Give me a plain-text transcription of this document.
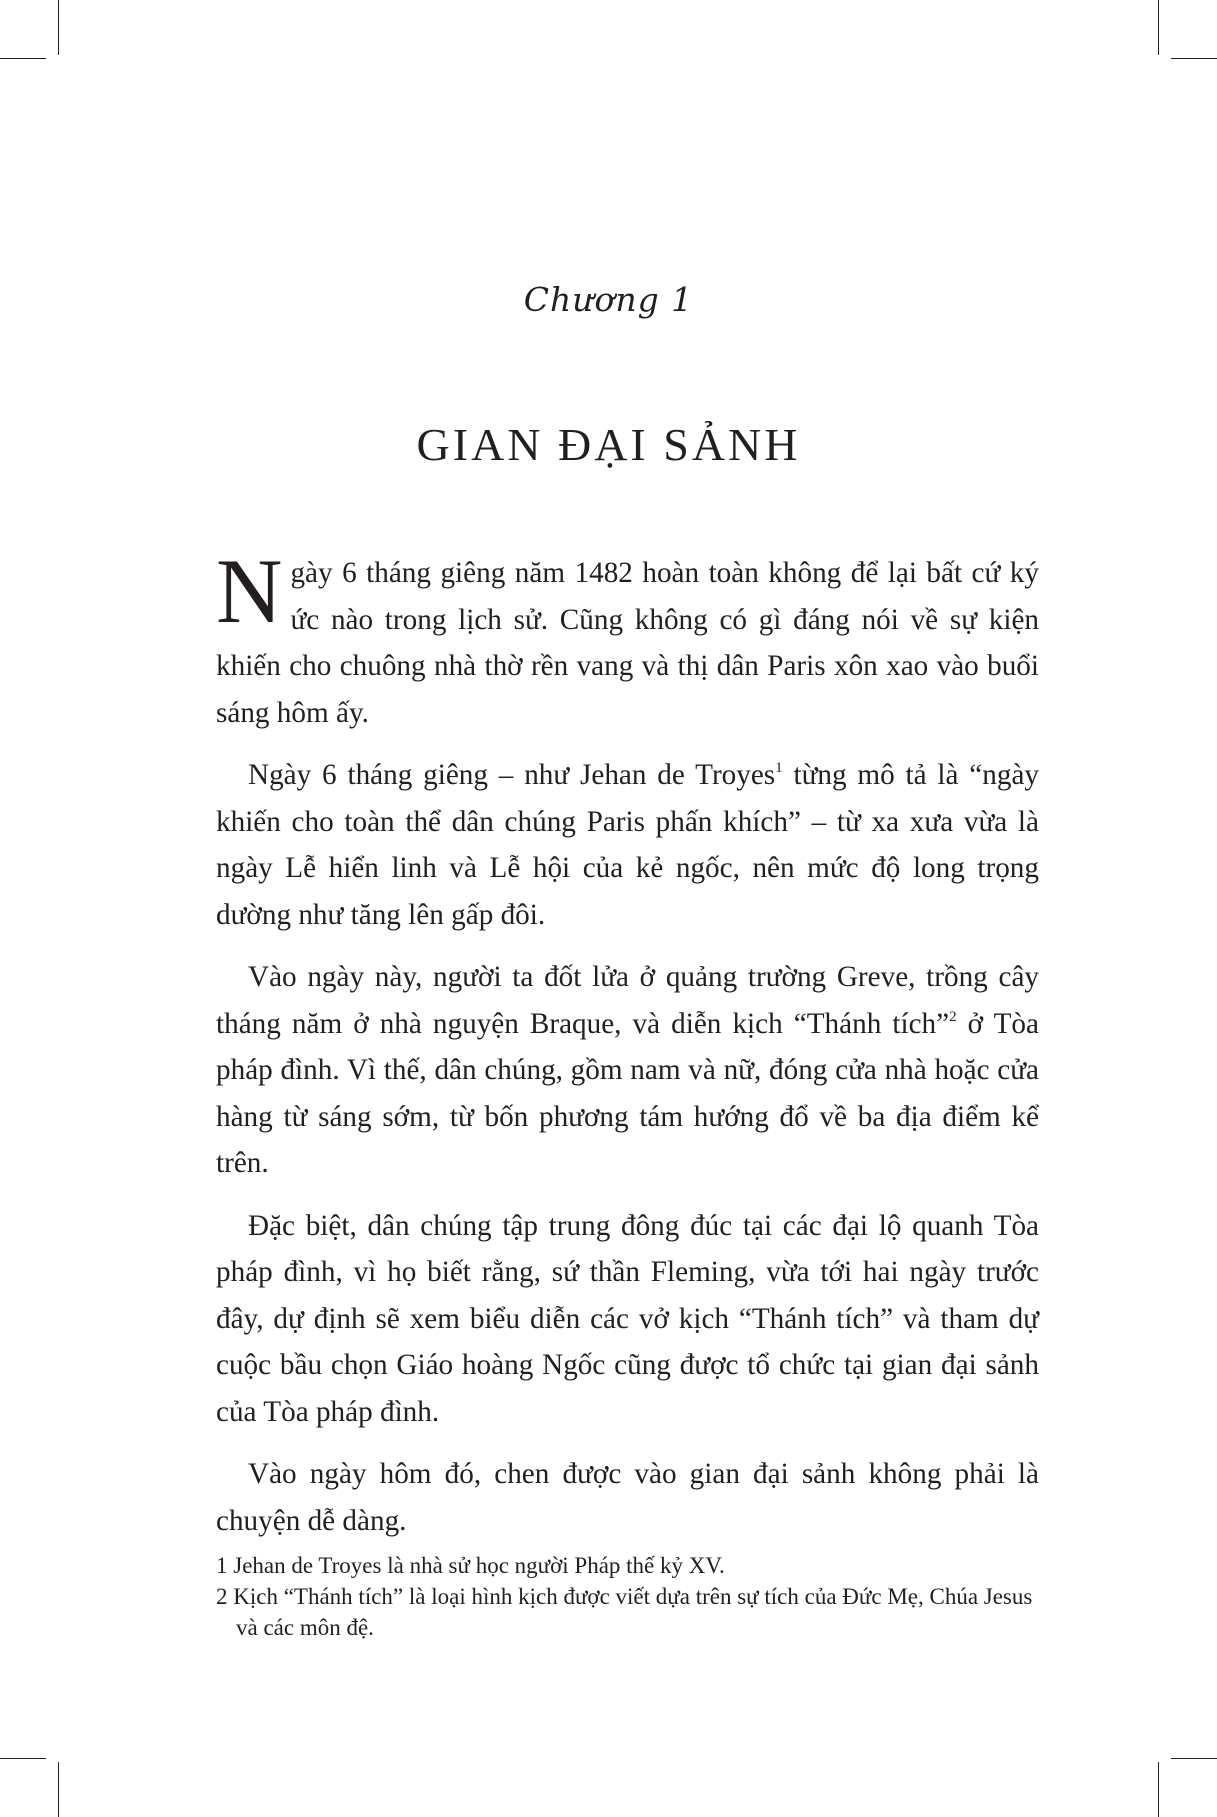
Chương 1
GIAN ĐẠI SẢNH

Ngày 6 tháng giêng năm 1482 hoàn toàn không để lại bất cứ ký ức nào trong lịch sử. Cũng không có gì đáng nói về sự kiện khiến cho chuông nhà thờ rền vang và thị dân Paris xôn xao vào buổi sáng hôm ấy.

Ngày 6 tháng giêng – như Jehan de Troyes$^1$ từng mô tả là “ngày khiến cho toàn thể dân chúng Paris phấn khích” – từ xa xưa vừa là ngày Lễ hiển linh và Lễ hội của kẻ ngốc, nên mức độ long trọng dường như tăng lên gấp đôi.

Vào ngày này, người ta đốt lửa ở quảng trường Greve, trồng cây tháng năm ở nhà nguyện Braque, và diễn kịch “Thánh tích”$^2$ ở Tòa pháp đình. Vì thế, dân chúng, gồm nam và nữ, đóng cửa nhà hoặc cửa hàng từ sáng sớm, từ bốn phương tám hướng đổ về ba địa điểm kể trên.

Đặc biệt, dân chúng tập trung đông đúc tại các đại lộ quanh Tòa pháp đình, vì họ biết rằng, sứ thần Fleming, vừa tới hai ngày trước đây, dự định sẽ xem biểu diễn các vở kịch “Thánh tích” và tham dự cuộc bầu chọn Giáo hoàng Ngốc cũng được tổ chức tại gian đại sảnh của Tòa pháp đình.

Vào ngày hôm đó, chen được vào gian đại sảnh không phải là chuyện dễ dàng.

1 Jehan de Troyes là nhà sử học người Pháp thế kỷ XV.

2 Kịch “Thánh tích” là loại hình kịch được viết dựa trên sự tích của Đức Mẹ, Chúa Jesus và các môn đệ.
